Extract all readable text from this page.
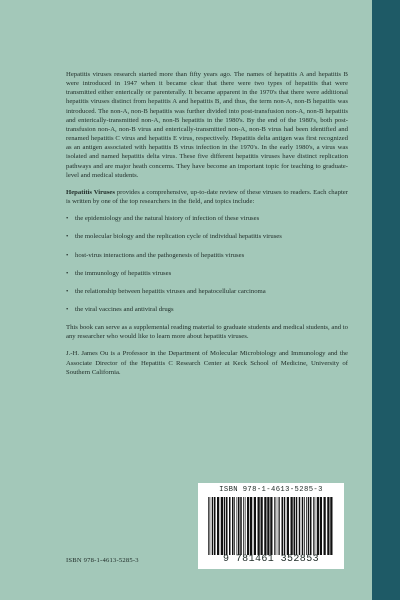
Hepatitis viruses research started more than fifty years ago. The names of hepatitis A and hepatitis B were introduced in 1947 when it became clear that there were two types of hepatitis that were transmitted either enterically or parenterally. It became apparent in the 1970's that there were additional hepatitis viruses distinct from hepatitis A and hepatitis B, and thus, the term non-A, non-B hepatitis was introduced. The non-A, non-B hepatitis was further divided into post-transfusion non-A, non-B hepatitis and enterically-transmitted non-A, non-B hepatitis in the 1980's. By the end of the 1980's, both post-transfusion non-A, non-B virus and enterically-transmitted non-A, non-B virus had been identified and renamed hepatitis C virus and hepatitis E virus, respectively. Hepatitis delta antigen was first recognized as an antigen associated with hepatitis B virus infection in the 1970's. In the early 1980's, a virus was isolated and named hepatitis delta virus. These five different hepatitis viruses have distinct replication pathways and are major heath concerns. They have become an important topic for teaching to graduate-level and medical students.

Hepatitis Viruses provides a comprehensive, up-to-date review of these viruses to readers. Each chapter is written by one of the top researchers in the field, and topics include:

• the epidemiology and the natural history of infection of these viruses
• the molecular biology and the replication cycle of individual hepatitis viruses
• host-virus interactions and the pathogenesis of hepatitis viruses
• the immunology of hepatitis viruses
• the relationship between hepatitis viruses and hepatocellular carcinoma
• the viral vaccines and antiviral drugs

This book can serve as a supplemental reading material to graduate students and medical students, and to any researcher who would like to learn more about hepatitis viruses.

J.-H. James Ou is a Professor in the Department of Molecular Microbiology and Immunology and the Associate Director of the Hepatitis C Research Center at Keck School of Medicine, University of Southern California.

ISBN 978-1-4613-5285-3
ISBN 978-1-4613-5285-3
9 781461 352853
